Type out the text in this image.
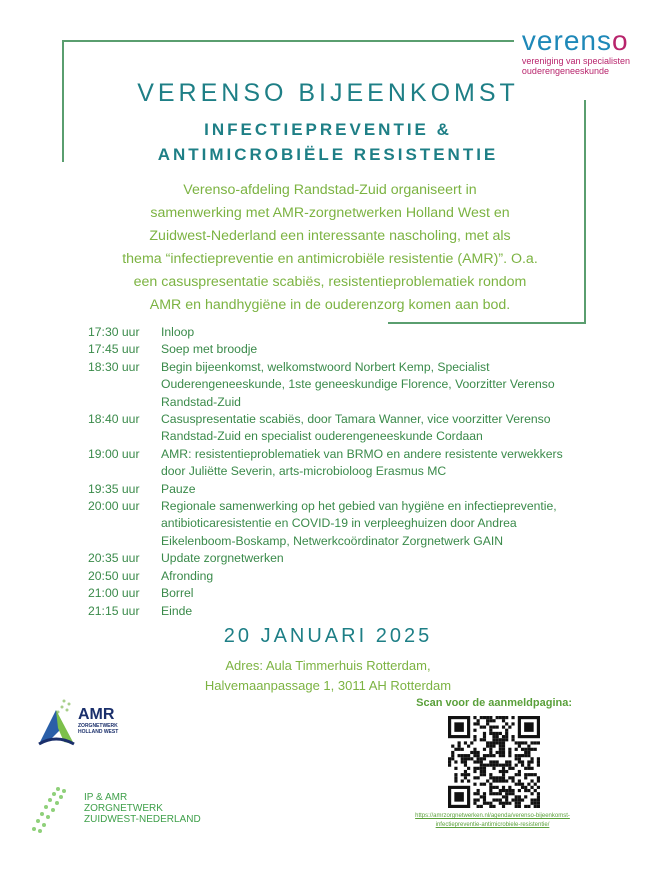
verenso
vereniging van specialisten
ouderengeneeskunde
VERENSO BIJEENKOMST
INFECTIEPREVENTIE &
ANTIMICROBIËLE RESISTENTIE
Verenso-afdeling Randstad-Zuid organiseert in
samenwerking met AMR-zorgnetwerken Holland West en
Zuidwest-Nederland een interessante nascholing, met als
thema “infectiepreventie en antimicrobiële resistentie (AMR)”. O.a.
een casuspresentatie scabiës, resistentieproblematiek rondom
AMR en handhygiëne in de ouderenzorg komen aan bod.
17:30 uur	Inloop
17:45 uur	Soep met broodje
18:30 uur	Begin bijeenkomst, welkomstwoord Norbert Kemp, Specialist
Ouderengeneeskunde, 1ste geneeskundige Florence, Voorzitter Verenso
Randstad-Zuid
18:40 uur	Casuspresentatie scabiës, door Tamara Wanner, vice voorzitter Verenso
Randstad-Zuid en specialist ouderengeneeskunde Cordaan
19:00 uur	AMR: resistentieproblematiek van BRMO en andere resistente verwekkers
door Juliëtte Severin, arts-microbioloog Erasmus MC
19:35 uur	Pauze
20:00 uur	Regionale samenwerking op het gebied van hygiëne en infectiepreventie,
antibioticaresistentie en COVID-19 in verpleeghuizen door Andrea
Eikelenboom-Boskamp, Netwerkcoördinator Zorgnetwerk GAIN
20:35 uur	Update zorgnetwerken
20:50 uur	Afronding
21:00 uur	Borrel
21:15 uur	Einde
20 JANUARI 2025
Adres: Aula Timmerhuis Rotterdam,
Halvemaanpassage 1, 3011 AH Rotterdam
Scan voor de aanmeldpagina:
https://amrzorgnetwerken.nl/agenda/verenso-bijeenkomst-
infectiepreventie-antimicrobiele-resistentie/
AMR
ZORGNETWERK
HOLLAND WEST
IP & AMR
ZORGNETWERK
ZUIDWEST-NEDERLAND
